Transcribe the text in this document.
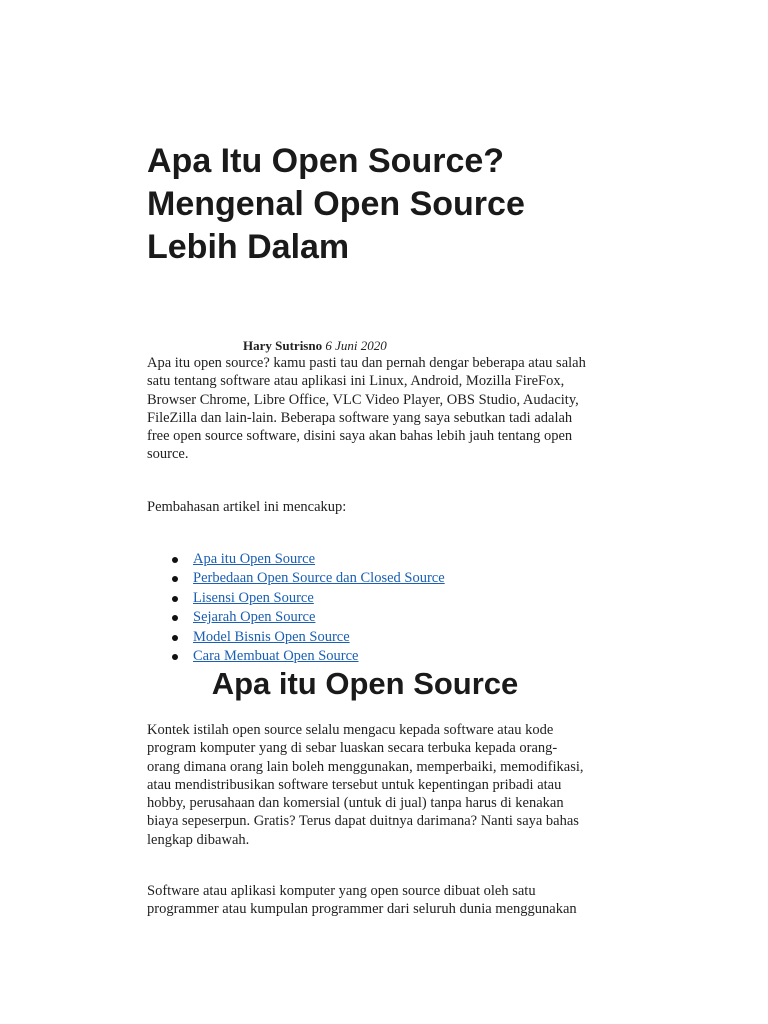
Apa Itu Open Source?
Mengenal Open Source
Lebih Dalam
Hary Sutrisno 6 Juni 2020

Apa itu open source? kamu pasti tau dan pernah dengar beberapa atau salah
satu tentang software atau aplikasi ini Linux, Android, Mozilla FireFox,
Browser Chrome, Libre Office, VLC Video Player, OBS Studio, Audacity,
FileZilla dan lain-lain. Beberapa software yang saya sebutkan tadi adalah
free open source software, disini saya akan bahas lebih jauh tentang open
source.

Pembahasan artikel ini mencakup:

Apa itu Open Source
Perbedaan Open Source dan Closed Source
Lisensi Open Source
Sejarah Open Source
Model Bisnis Open Source
Cara Membuat Open Source
Apa itu Open Source

Kontek istilah open source selalu mengacu kepada software atau kode
program komputer yang di sebar luaskan secara terbuka kepada orang-
orang dimana orang lain boleh menggunakan, memperbaiki, memodifikasi,
atau mendistribusikan software tersebut untuk kepentingan pribadi atau
hobby, perusahaan dan komersial (untuk di jual) tanpa harus di kenakan
biaya sepeserpun. Gratis? Terus dapat duitnya darimana? Nanti saya bahas
lengkap dibawah.

Software atau aplikasi komputer yang open source dibuat oleh satu
programmer atau kumpulan programmer dari seluruh dunia menggunakan
